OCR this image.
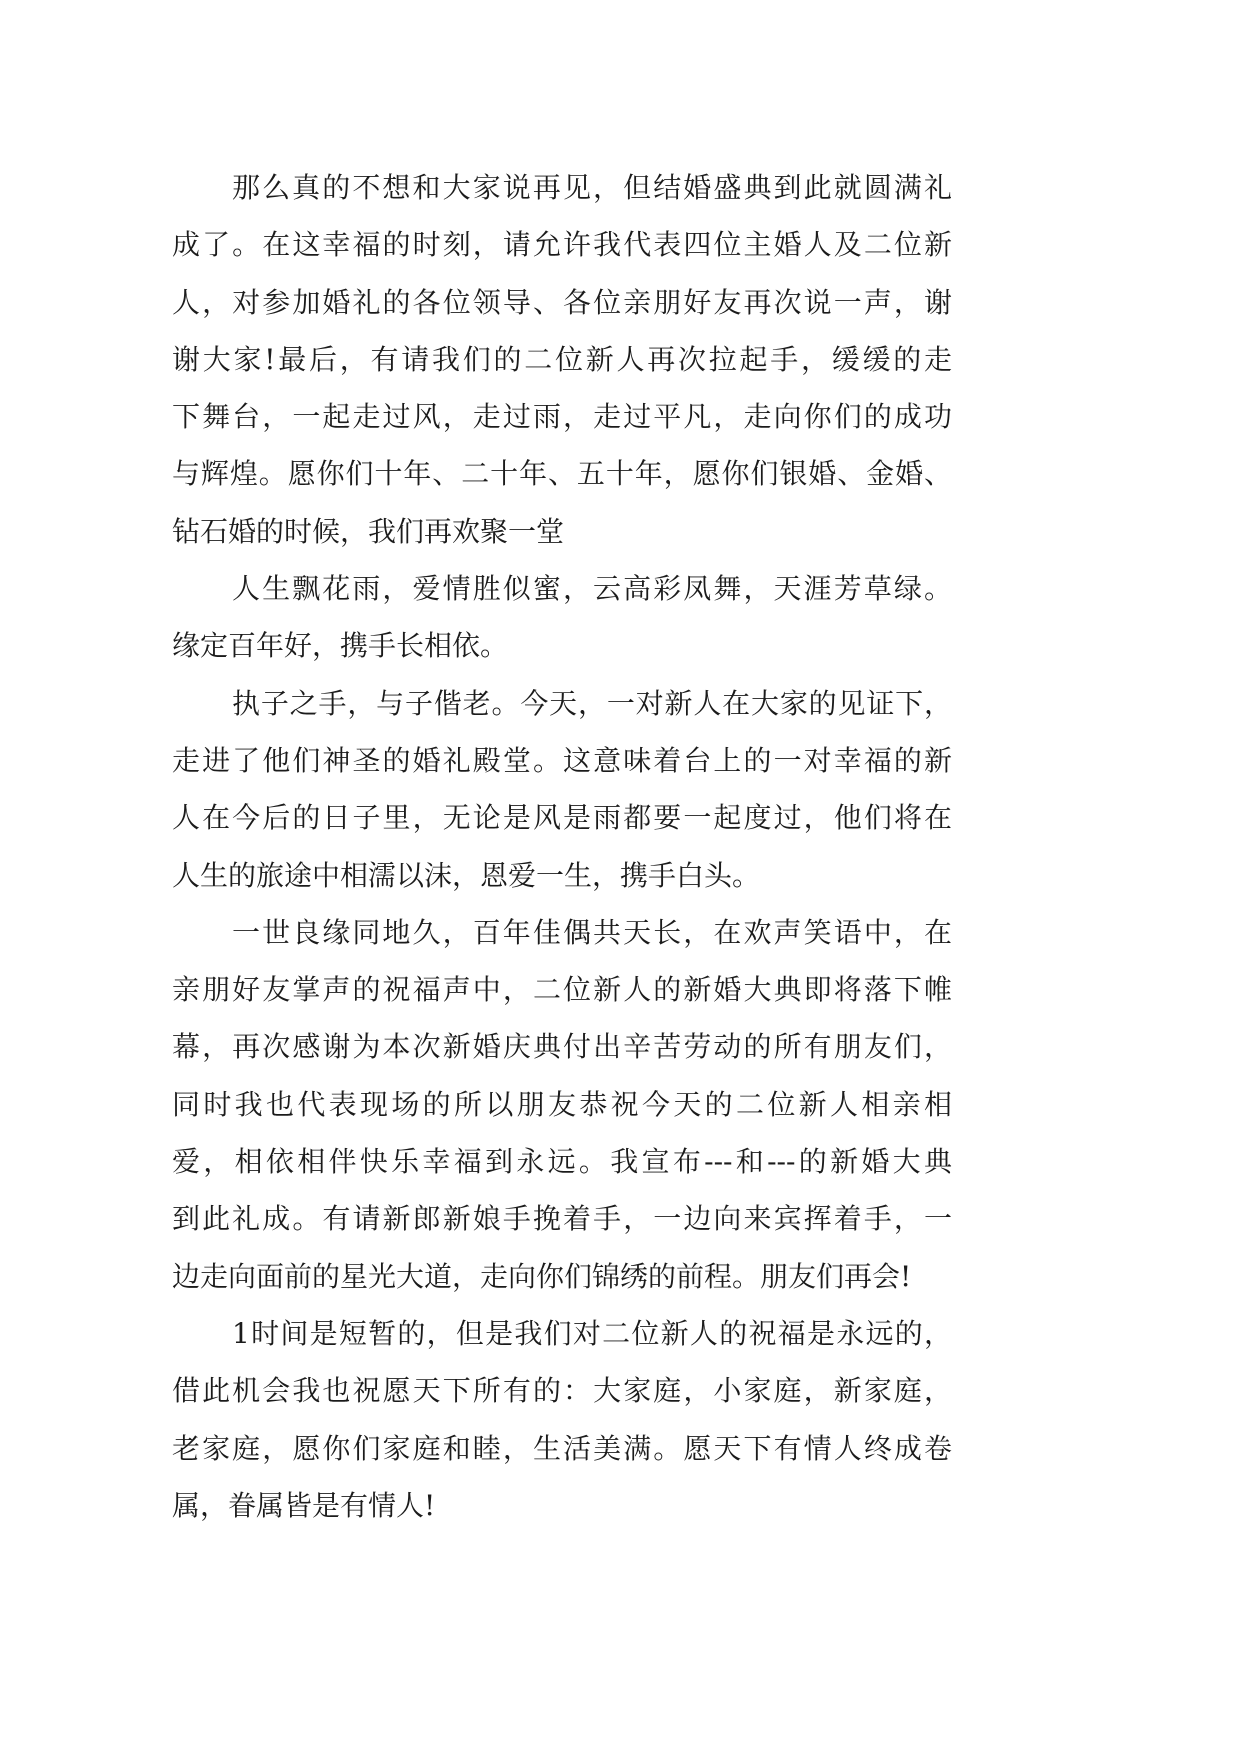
那么真的不想和大家说再见，但结婚盛典到此就圆满礼
成了。在这幸福的时刻，请允许我代表四位主婚人及二位新
人，对参加婚礼的各位领导、各位亲朋好友再次说一声，谢
谢大家!最后，有请我们的二位新人再次拉起手，缓缓的走
下舞台，一起走过风，走过雨，走过平凡，走向你们的成功
与辉煌。愿你们十年、二十年、五十年，愿你们银婚、金婚、
钻石婚的时候，我们再欢聚一堂
人生飘花雨，爱情胜似蜜，云高彩凤舞，天涯芳草绿。
缘定百年好，携手长相依。
执子之手，与子偕老。今天，一对新人在大家的见证下，
走进了他们神圣的婚礼殿堂。这意味着台上的一对幸福的新
人在今后的日子里，无论是风是雨都要一起度过，他们将在
人生的旅途中相濡以沫，恩爱一生，携手白头。
一世良缘同地久，百年佳偶共天长，在欢声笑语中，在
亲朋好友掌声的祝福声中，二位新人的新婚大典即将落下帷
幕，再次感谢为本次新婚庆典付出辛苦劳动的所有朋友们，
同时我也代表现场的所以朋友恭祝今天的二位新人相亲相
爱，相依相伴快乐幸福到永远。我宣布---和---的新婚大典
到此礼成。有请新郎新娘手挽着手，一边向来宾挥着手，一
边走向面前的星光大道，走向你们锦绣的前程。朋友们再会!
1时间是短暂的，但是我们对二位新人的祝福是永远的，
借此机会我也祝愿天下所有的：大家庭，小家庭，新家庭，
老家庭，愿你们家庭和睦，生活美满。愿天下有情人终成卷
属，眷属皆是有情人!
